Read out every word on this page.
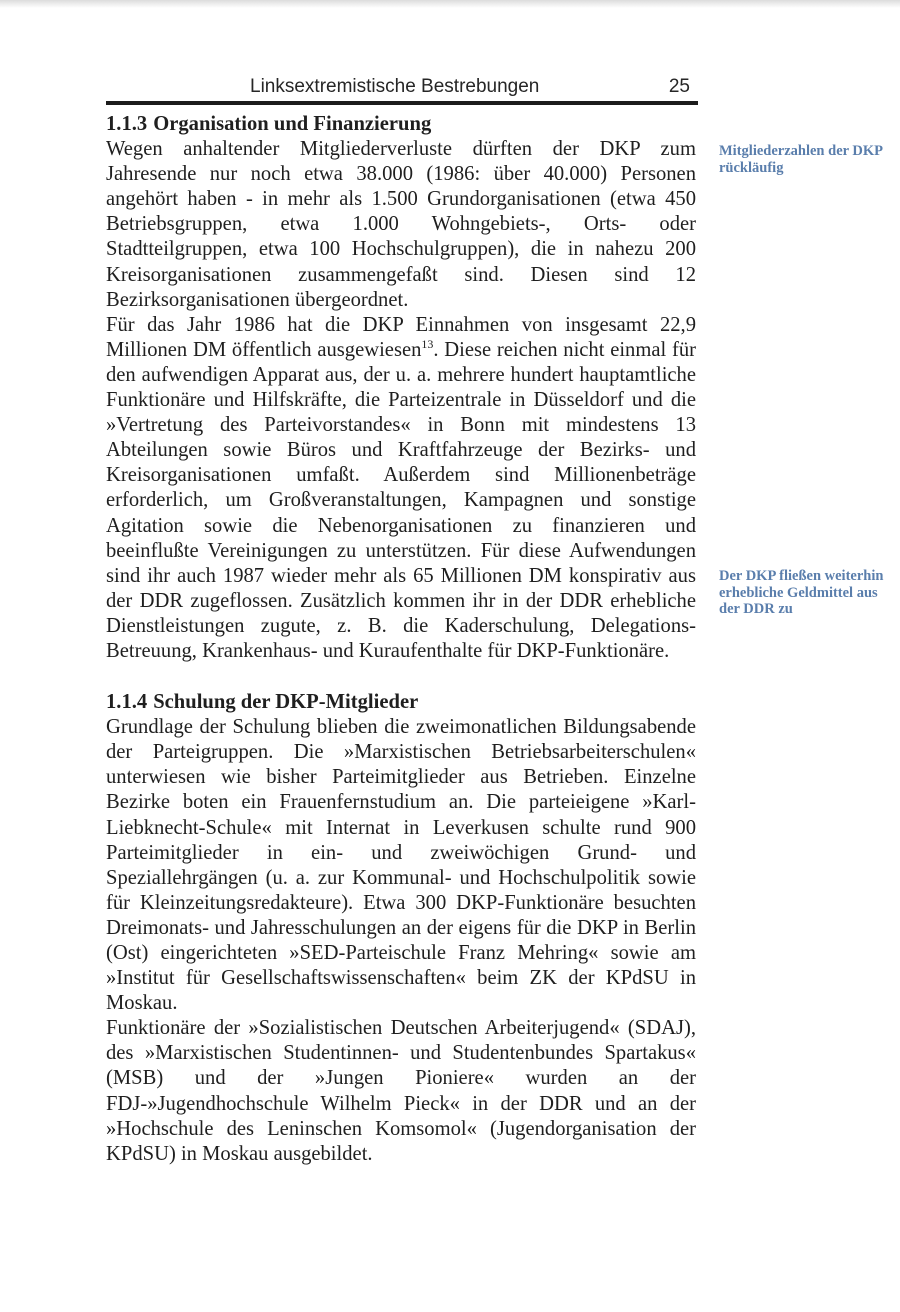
Linksextremistische Bestrebungen	25
1.1.3 Organisation und Finanzierung

Wegen anhaltender Mitgliederverluste dürften der DKP zum Jahresende nur noch etwa 38.000 (1986: über 40.000) Personen angehört haben - in mehr als 1.500 Grundorganisationen (etwa 450 Betriebsgruppen, etwa 1.000 Wohngebiets-, Orts- oder Stadtteilgruppen, etwa 100 Hochschulgruppen), die in nahezu 200 Kreisorganisationen zusammengefaßt sind. Diesen sind 12 Bezirksorganisationen übergeordnet.

Für das Jahr 1986 hat die DKP Einnahmen von insgesamt 22,9 Millionen DM öffentlich ausgewiesen$^{13}$. Diese reichen nicht einmal für den aufwendigen Apparat aus, der u. a. mehrere hundert hauptamtliche Funktionäre und Hilfskräfte, die Parteizentrale in Düsseldorf und die »Vertretung des Parteivorstandes« in Bonn mit mindestens 13 Abteilungen sowie Büros und Kraftfahrzeuge der Bezirks- und Kreisorganisationen umfaßt. Außerdem sind Millionenbeträge erforderlich, um Großveranstaltungen, Kampagnen und sonstige Agitation sowie die Nebenorganisationen zu finanzieren und beeinflußte Vereinigungen zu unterstützen. Für diese Aufwendungen sind ihr auch 1987 wieder mehr als 65 Millionen DM konspirativ aus der DDR zugeflossen. Zusätzlich kommen ihr in der DDR erhebliche Dienstleistungen zugute, z. B. die Kaderschulung, Delegations-Betreuung, Krankenhaus- und Kuraufenthalte für DKP-Funktionäre.

1.1.4 Schulung der DKP-Mitglieder

Grundlage der Schulung blieben die zweimonatlichen Bildungsabende der Parteigruppen. Die »Marxistischen Betriebsarbeiterschulen« unterwiesen wie bisher Parteimitglieder aus Betrieben. Einzelne Bezirke boten ein Frauenfernstudium an. Die parteieigene »Karl-Liebknecht-Schule« mit Internat in Leverkusen schulte rund 900 Parteimitglieder in ein- und zweiwöchigen Grund- und Speziallehrgängen (u. a. zur Kommunal- und Hochschulpolitik sowie für Kleinzeitungsredakteure). Etwa 300 DKP-Funktionäre besuchten Dreimonats- und Jahresschulungen an der eigens für die DKP in Berlin (Ost) eingerichteten »SED-Parteischule Franz Mehring« sowie am »Institut für Gesellschaftswissenschaften« beim ZK der KPdSU in Moskau.

Funktionäre der »Sozialistischen Deutschen Arbeiterjugend« (SDAJ), des »Marxistischen Studentinnen- und Studentenbundes Spartakus« (MSB) und der »Jungen Pioniere« wurden an der FDJ-»Jugendhochschule Wilhelm Pieck« in der DDR und an der »Hochschule des Leninschen Komsomol« (Jugendorganisation der KPdSU) in Moskau ausgebildet.

Mitgliederzahlen der DKP rückläufig
Der DKP fließen weiterhin erhebliche Geldmittel aus der DDR zu
